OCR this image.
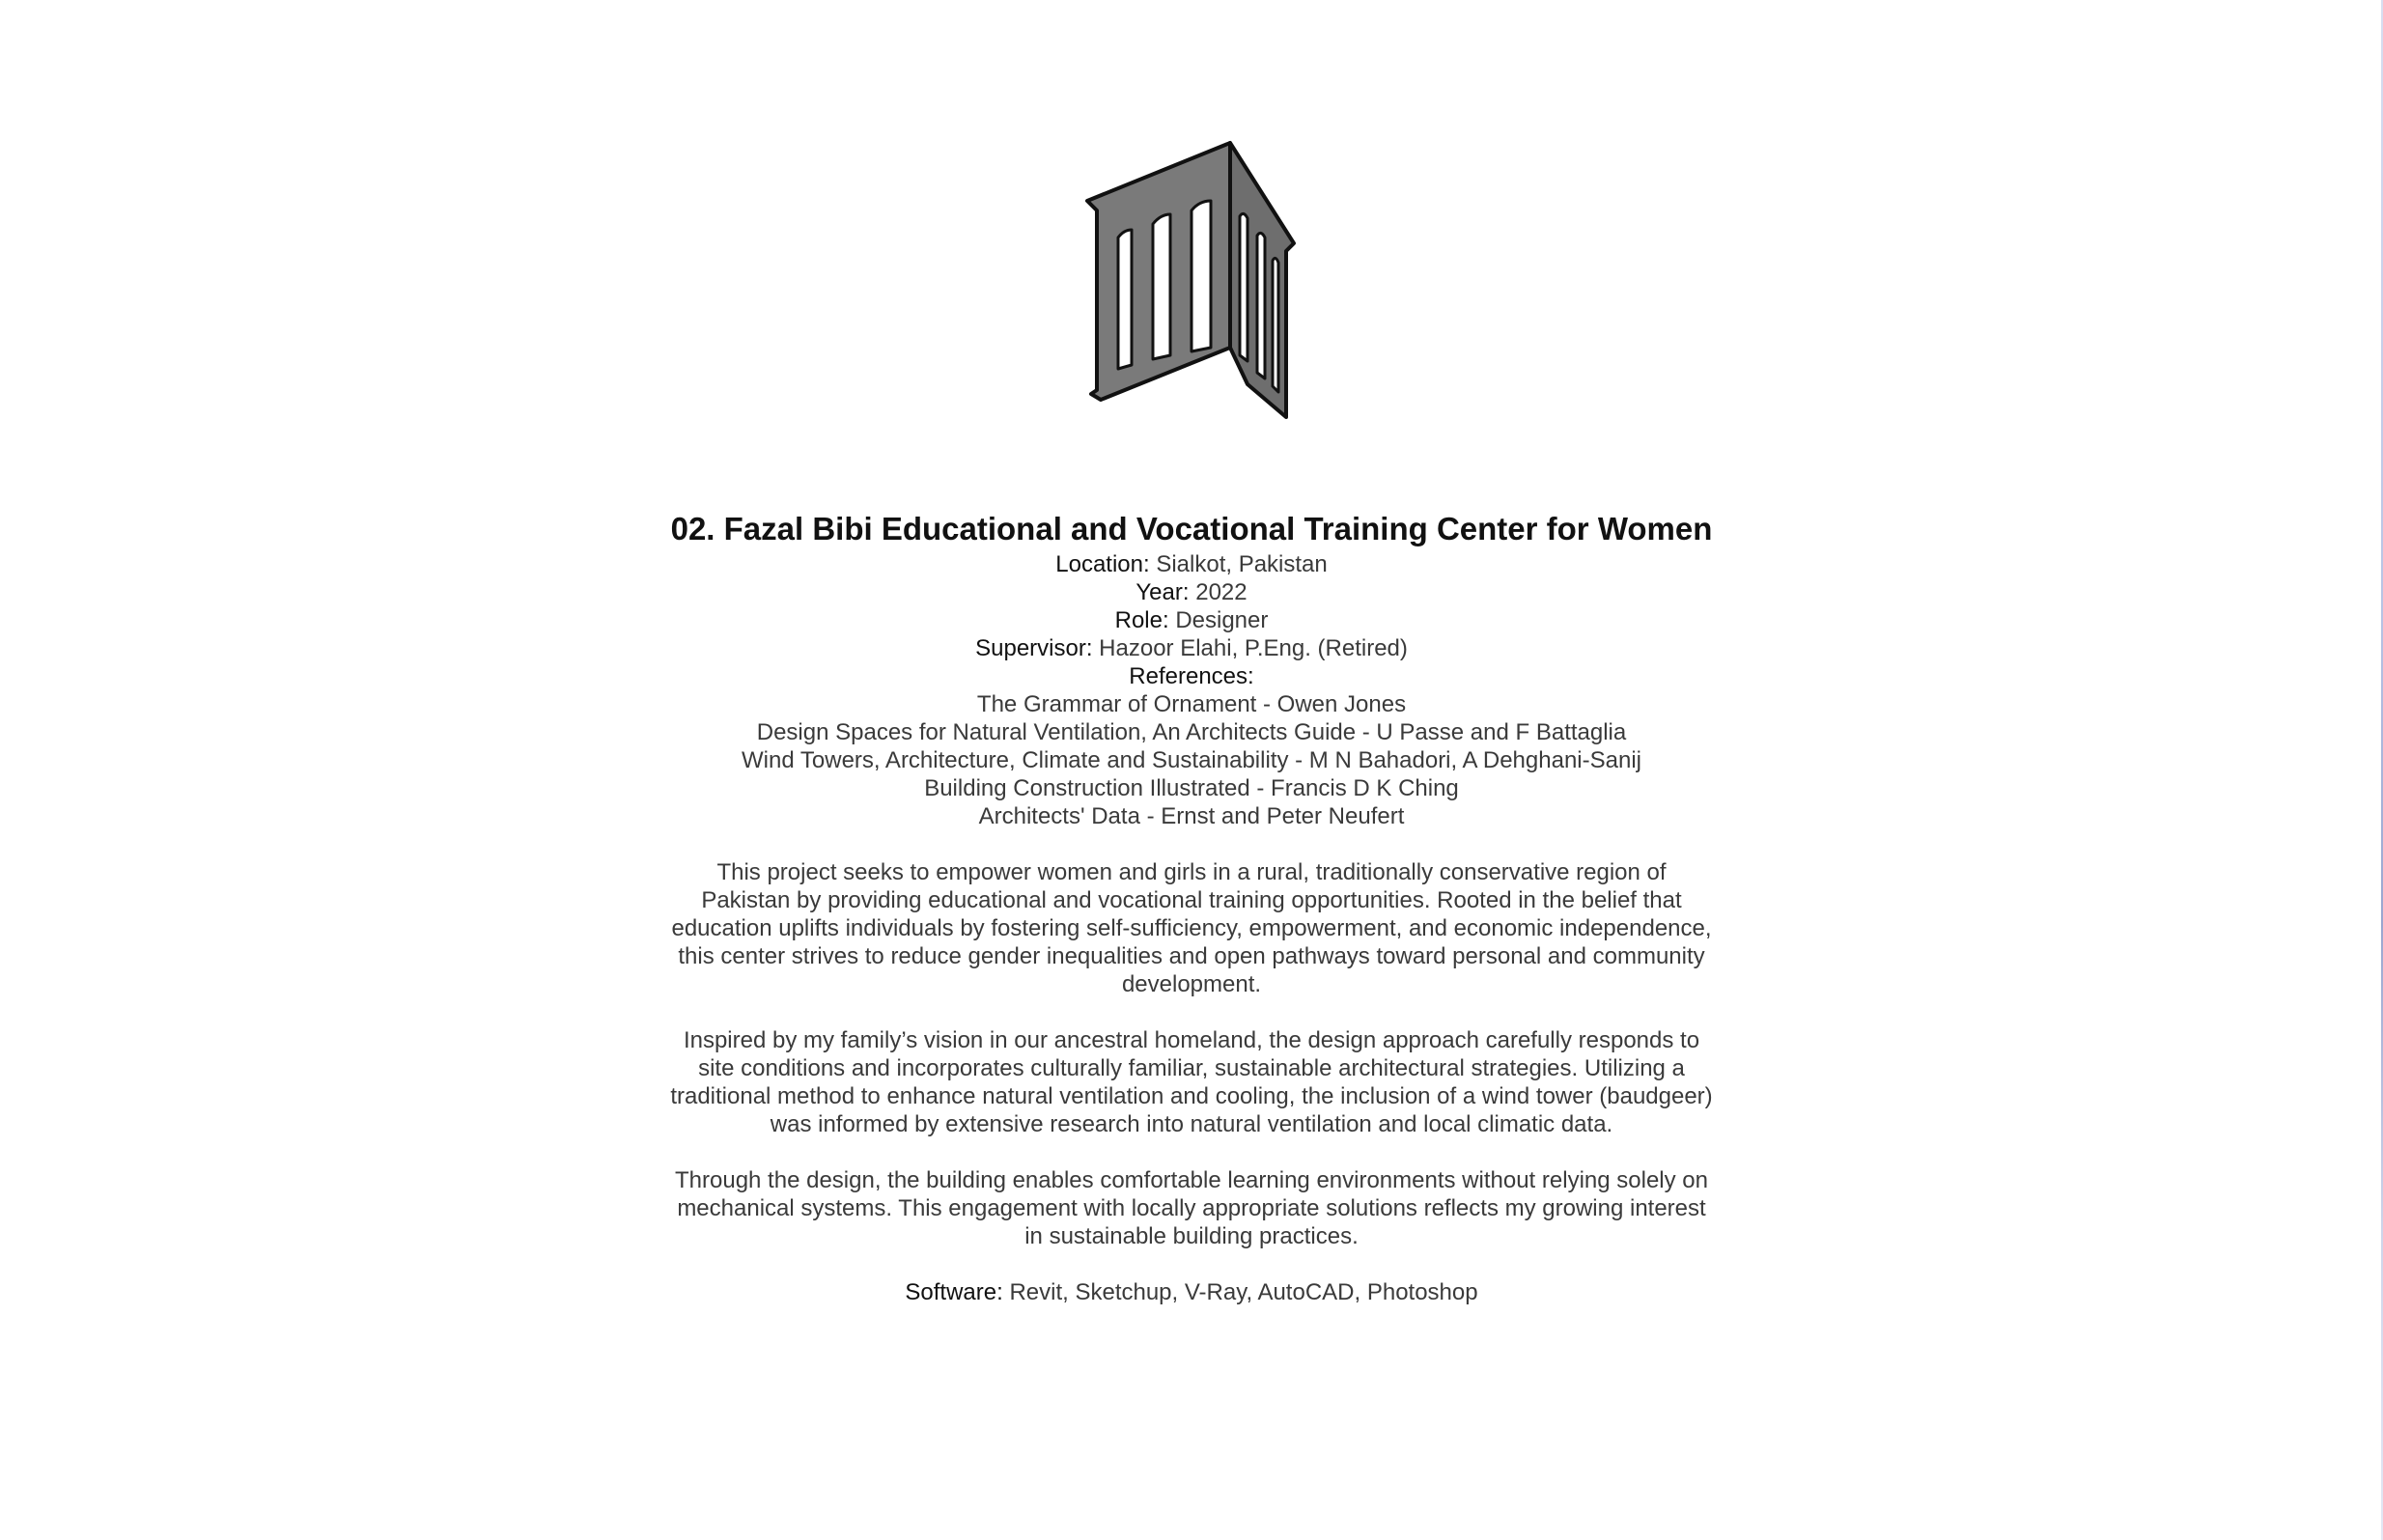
02. Fazal Bibi Educational and Vocational Training Center for Women

Location: Sialkot, Pakistan

Year: 2022

Role: Designer

Supervisor: Hazoor Elahi, P.Eng. (Retired)

References:

The Grammar of Ornament - Owen Jones
Design Spaces for Natural Ventilation, An Architects Guide - U Passe and F Battaglia
Wind Towers, Architecture, Climate and Sustainability - M N Bahadori, A Dehghani-Sanij
Building Construction Illustrated - Francis D K Ching
Architects' Data - Ernst and Peter Neufert

This project seeks to empower women and girls in a rural, traditionally conservative region of Pakistan by providing educational and vocational training opportunities. Rooted in the belief that education uplifts individuals by fostering self-sufficiency, empowerment, and economic independence, this center strives to reduce gender inequalities and open pathways toward personal and community development.

Inspired by my family’s vision in our ancestral homeland, the design approach carefully responds to site conditions and incorporates culturally familiar, sustainable architectural strategies. Utilizing a traditional method to enhance natural ventilation and cooling, the inclusion of a wind tower (baudgeer) was informed by extensive research into natural ventilation and local climatic data.

Through the design, the building enables comfortable learning environments without relying solely on mechanical systems. This engagement with locally appropriate solutions reflects my growing interest in sustainable building practices.

Software: Revit, Sketchup, V-Ray, AutoCAD, Photoshop
